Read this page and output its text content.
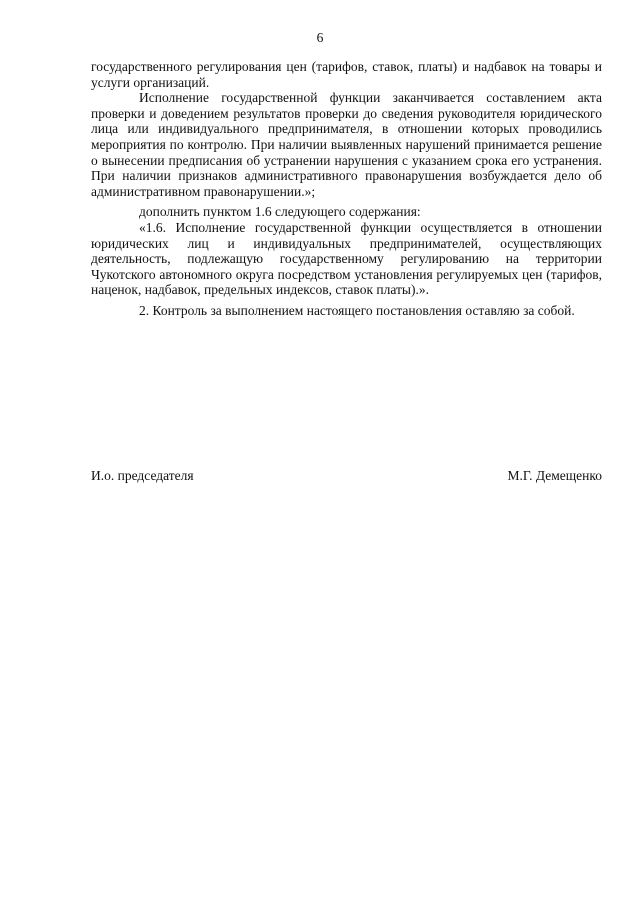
6

государственного регулирования цен (тарифов, ставок, платы) и надбавок на товары и услуги организаций.

Исполнение государственной функции заканчивается составлением акта проверки и доведением результатов проверки до сведения руководителя юридического лица или индивидуального предпринимателя, в отношении которых проводились мероприятия по контролю. При наличии выявленных нарушений принимается решение о вынесении предписания об устранении нарушения с указанием срока его устранения. При наличии признаков административного правонарушения возбуждается дело об административном правонарушении.»;

дополнить пунктом 1.6 следующего содержания:

«1.6. Исполнение государственной функции осуществляется в отношении юридических лиц и индивидуальных предпринимателей, осуществляющих деятельность, подлежащую государственному регулированию на территории Чукотского автономного округа посредством установления регулируемых цен (тарифов, наценок, надбавок, предельных индексов, ставок платы).».

2. Контроль за выполнением настоящего постановления оставляю за собой.

И.о. председателя	М.Г. Демещенко
